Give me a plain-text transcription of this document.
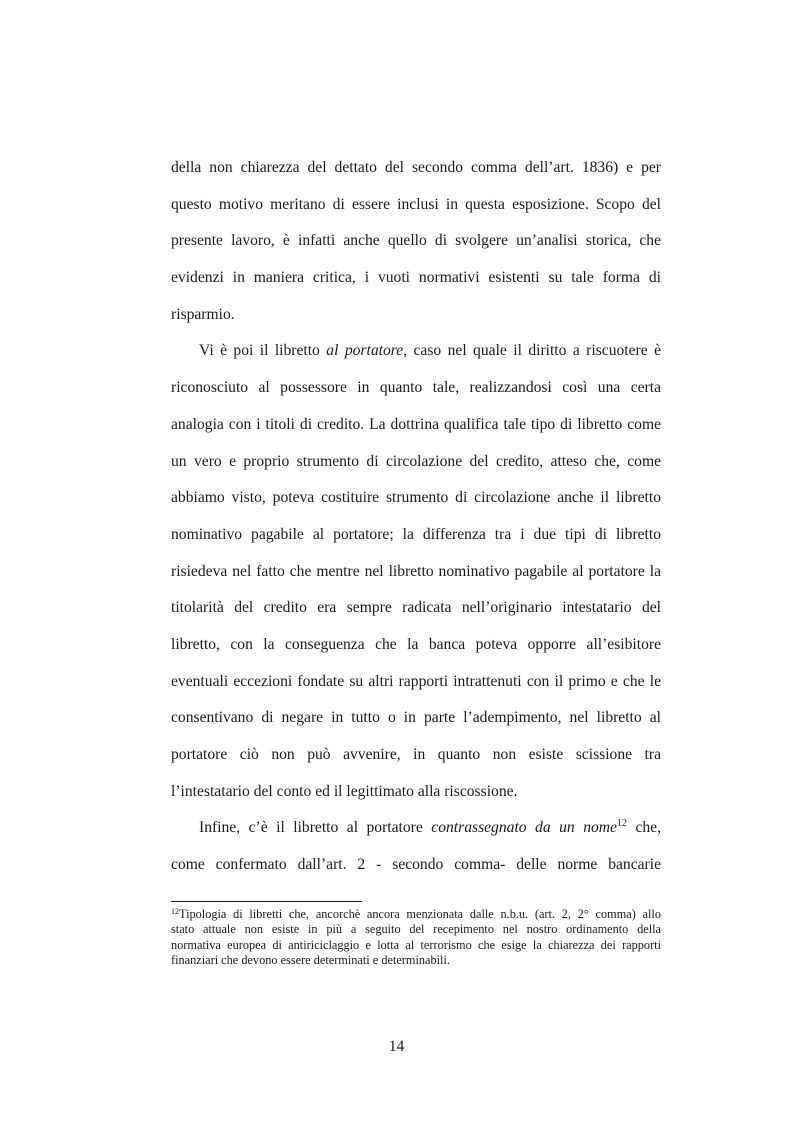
della non chiarezza del dettato del secondo comma dell’art. 1836) e per
questo motivo meritano di essere inclusi in questa esposizione. Scopo del
presente lavoro, è infatti anche quello di svolgere un’analisi storica, che
evidenzi in maniera critica, i vuoti normativi esistenti su tale forma di
risparmio.
Vi è poi il libretto al portatore, caso nel quale il diritto a riscuotere è
riconosciuto al possessore in quanto tale, realizzandosi così una certa
analogia con i titoli di credito. La dottrina qualifica tale tipo di libretto come
un vero e proprio strumento di circolazione del credito, atteso che, come
abbiamo visto, poteva costituire strumento di circolazione anche il libretto
nominativo pagabile al portatore; la differenza tra i due tipi di libretto
risiedeva nel fatto che mentre nel libretto nominativo pagabile al portatore la
titolarità del credito era sempre radicata nell’originario intestatario del
libretto, con la conseguenza che la banca poteva opporre all’esibitore
eventuali eccezioni fondate su altri rapporti intrattenuti con il primo e che le
consentivano di negare in tutto o in parte l’adempimento, nel libretto al
portatore ciò non può avvenire, in quanto non esiste scissione tra
l’intestatario del conto ed il legittimato alla riscossione.
Infine, c’è il libretto al portatore contrassegnato da un nome$^{12}$ che,
come confermato dall’art. 2 - secondo comma- delle norme bancarie
$^{12}$Tipologia di libretti che, ancorchè ancora menzionata dalle n.b.u. (art. 2, 2° comma) allo
stato attuale non esiste in più a seguito del recepimento nel nostro ordinamento della
normativa europea di antiriciclaggio e lotta al terrorismo che esige la chiarezza dei rapporti
finanziari che devono essere determinati e determinabili.
14
